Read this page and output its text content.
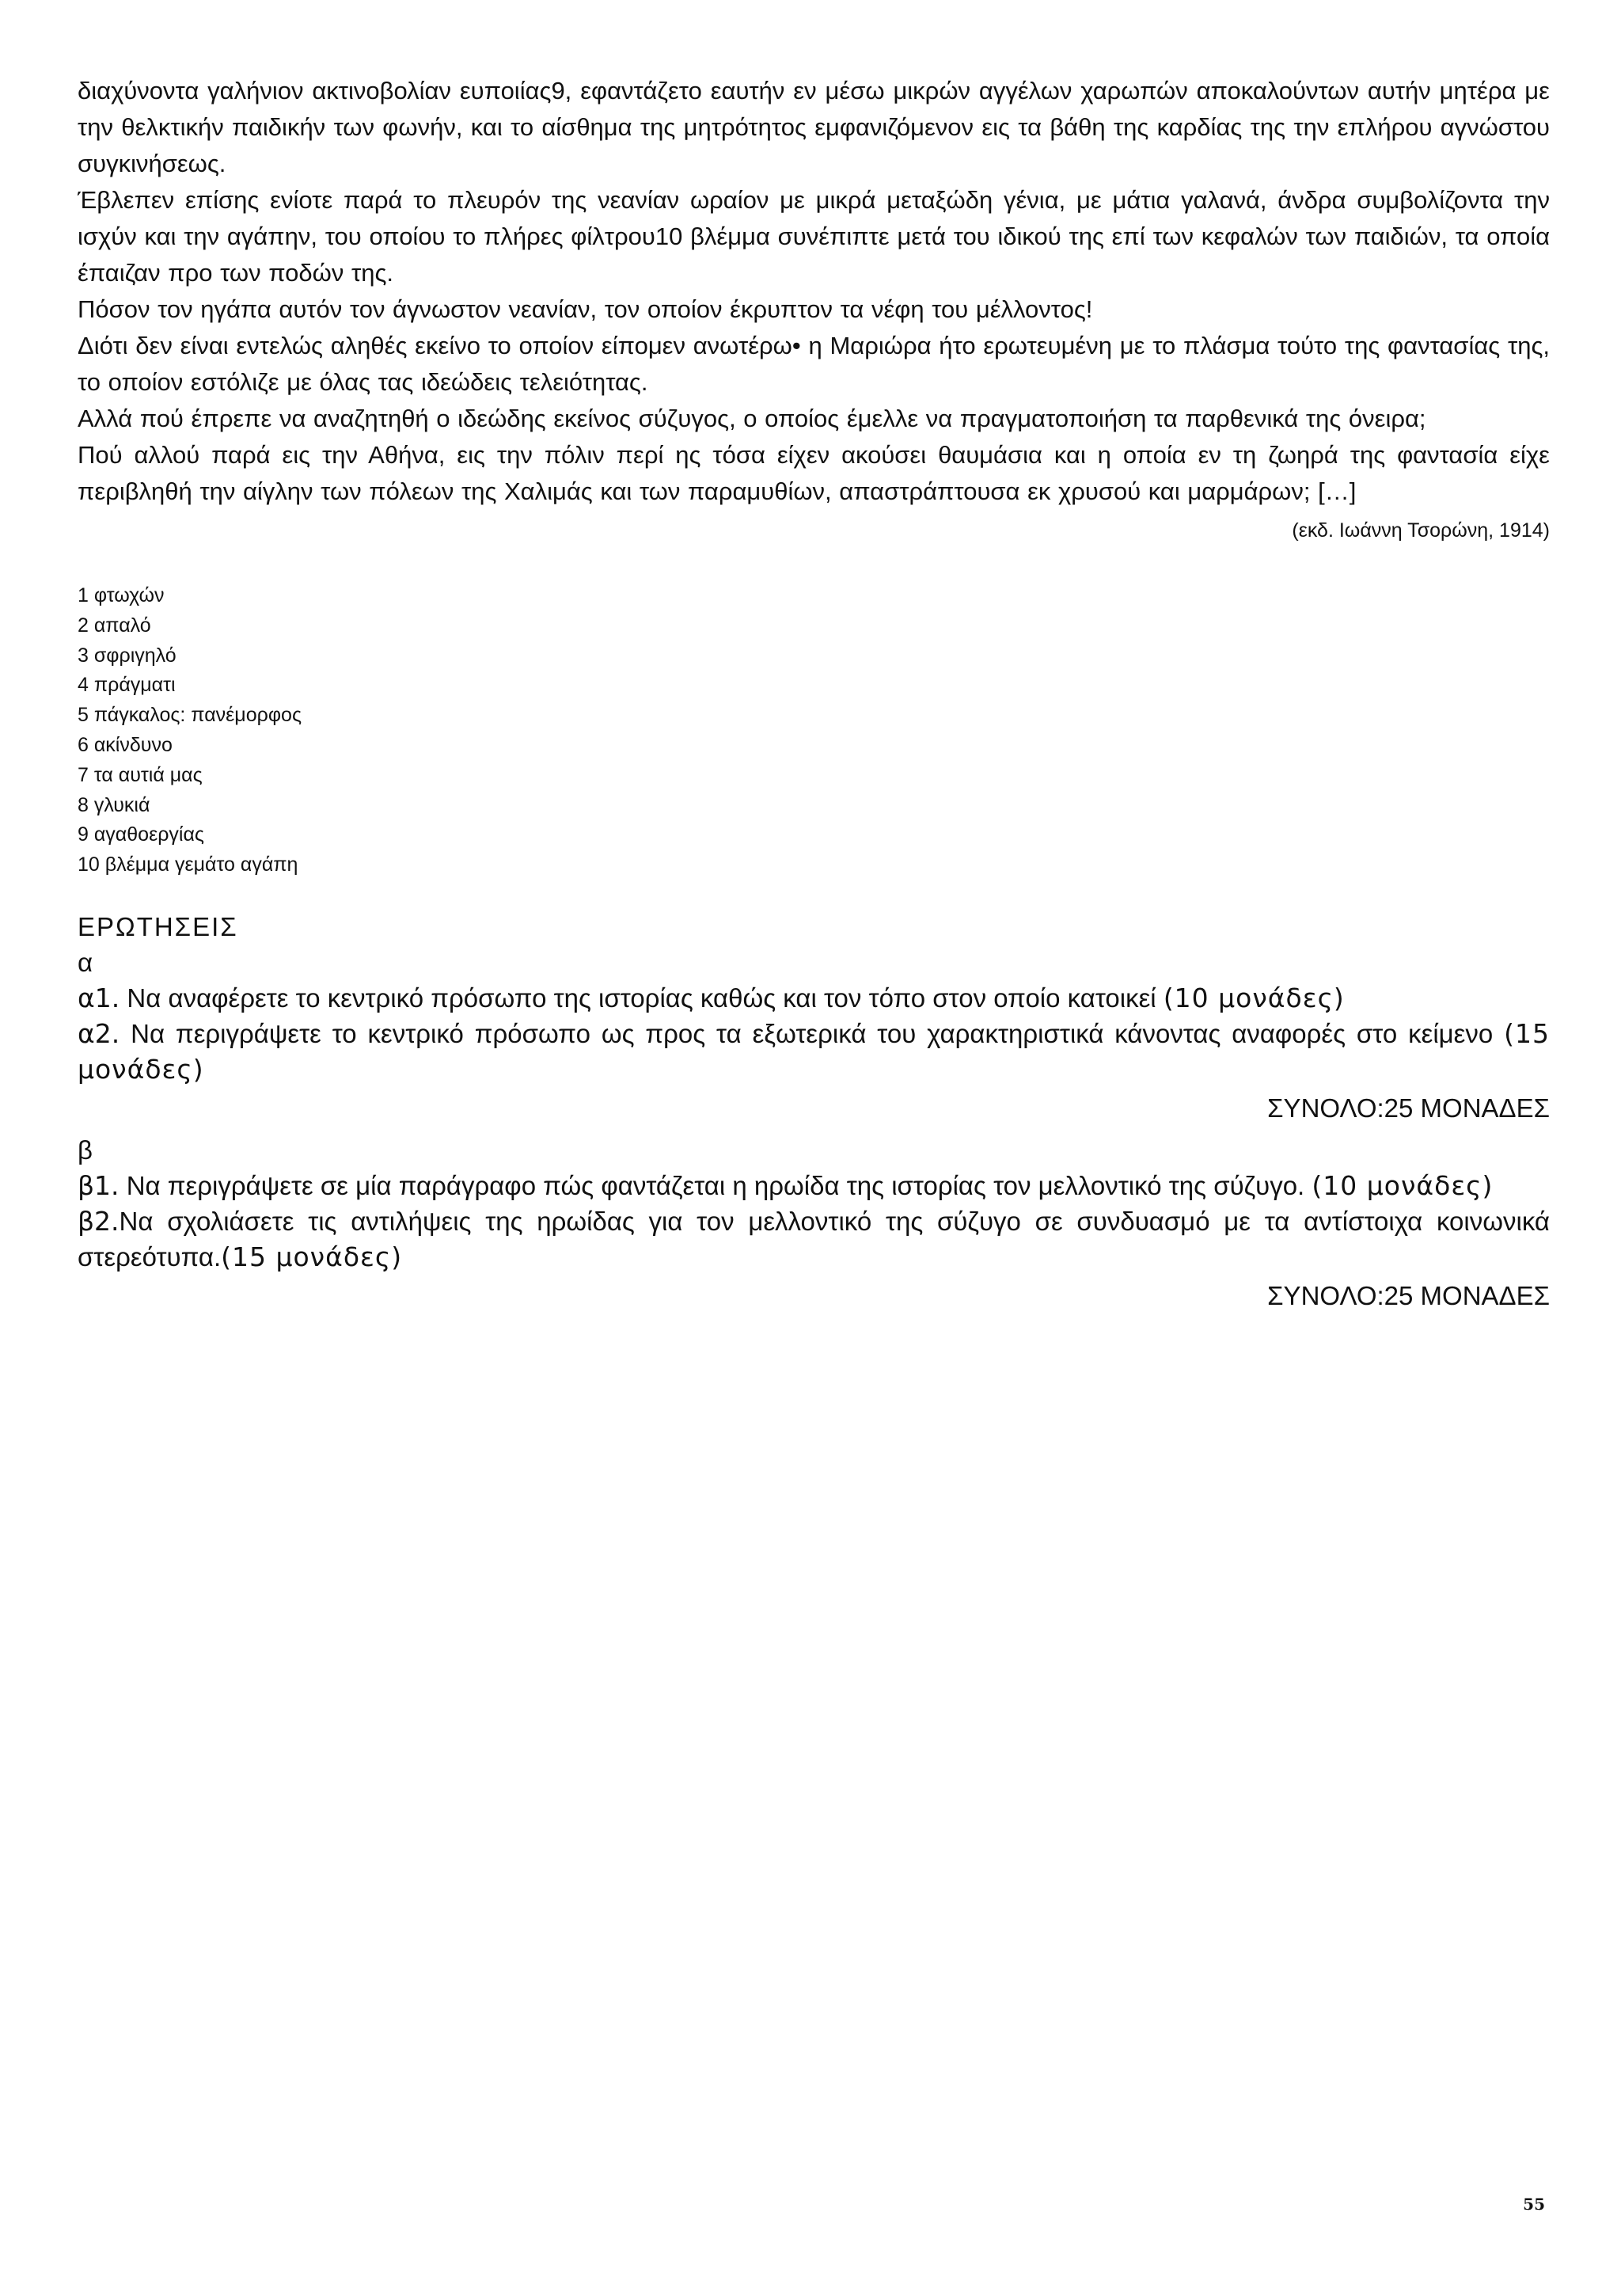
διαχύνοντα γαλήνιον ακτινοβολίαν ευποιίας9, εφαντάζετο εαυτήν εν μέσω μικρών αγγέλων χαρωπών αποκαλούντων αυτήν μητέρα με την θελκτικήν παιδικήν των φωνήν, και το αίσθημα της μητρότητος εμφανιζόμενον εις τα βάθη της καρδίας της την επλήρου αγνώστου συγκινήσεως.

Έβλεπεν επίσης ενίοτε παρά το πλευρόν της νεανίαν ωραίον με μικρά μεταξώδη γένια, με μάτια γαλανά, άνδρα συμβολίζοντα την ισχύν και την αγάπην, του οποίου το πλήρες φίλτρου10 βλέμμα συνέπιπτε μετά του ιδικού της επί των κεφαλών των παιδιών, τα οποία έπαιζαν προ των ποδών της.

Πόσον τον ηγάπα αυτόν τον άγνωστον νεανίαν, τον οποίον έκρυπτον τα νέφη του μέλλοντος!

Διότι δεν είναι εντελώς αληθές εκείνο το οποίον είπομεν ανωτέρω• η Μαριώρα ήτο ερωτευμένη με το πλάσμα τούτο της φαντασίας της, το οποίον εστόλιζε με όλας τας ιδεώδεις τελειότητας.

Αλλά πού έπρεπε να αναζητηθή ο ιδεώδης εκείνος σύζυγος, ο οποίος έμελλε να πραγματοποιήση τα παρθενικά της όνειρα;

Πού αλλού παρά εις την Αθήνα, εις την πόλιν περί ης τόσα είχεν ακούσει θαυμάσια και η οποία εν τη ζωηρά της φαντασία είχε περιβληθή την αίγλην των πόλεων της Χαλιμάς και των παραμυθίων, απαστράπτουσα εκ χρυσού και μαρμάρων; […]

(εκδ. Ιωάννη Τσορώνη, 1914)

1 φτωχών

2 απαλό

3 σφριγηλό

4 πράγματι

5 πάγκαλος: πανέμορφος

6 ακίνδυνο

7 τα αυτιά μας

8 γλυκιά

9 αγαθοεργίας

10 βλέμμα γεμάτο αγάπη

ΕΡΩΤΗΣΕΙΣ

α

α1. Να αναφέρετε το κεντρικό πρόσωπο της ιστορίας καθώς και τον τόπο στον οποίο κατοικεί (10 μονάδες)

α2. Να περιγράψετε το κεντρικό πρόσωπο ως προς τα εξωτερικά του χαρακτηριστικά κάνοντας αναφορές στο κείμενο (15 μονάδες)

ΣΥΝΟΛΟ:25 ΜΟΝΑΔΕΣ

β

β1. Να περιγράψετε σε μία παράγραφο πώς φαντάζεται η ηρωίδα της ιστορίας τον μελλοντικό της σύζυγο. (10 μονάδες)

β2.Να σχολιάσετε τις αντιλήψεις της ηρωίδας για τον μελλοντικό της σύζυγο σε συνδυασμό με τα αντίστοιχα κοινωνικά στερεότυπα.(15 μονάδες)

ΣΥΝΟΛΟ:25 ΜΟΝΑΔΕΣ

55
